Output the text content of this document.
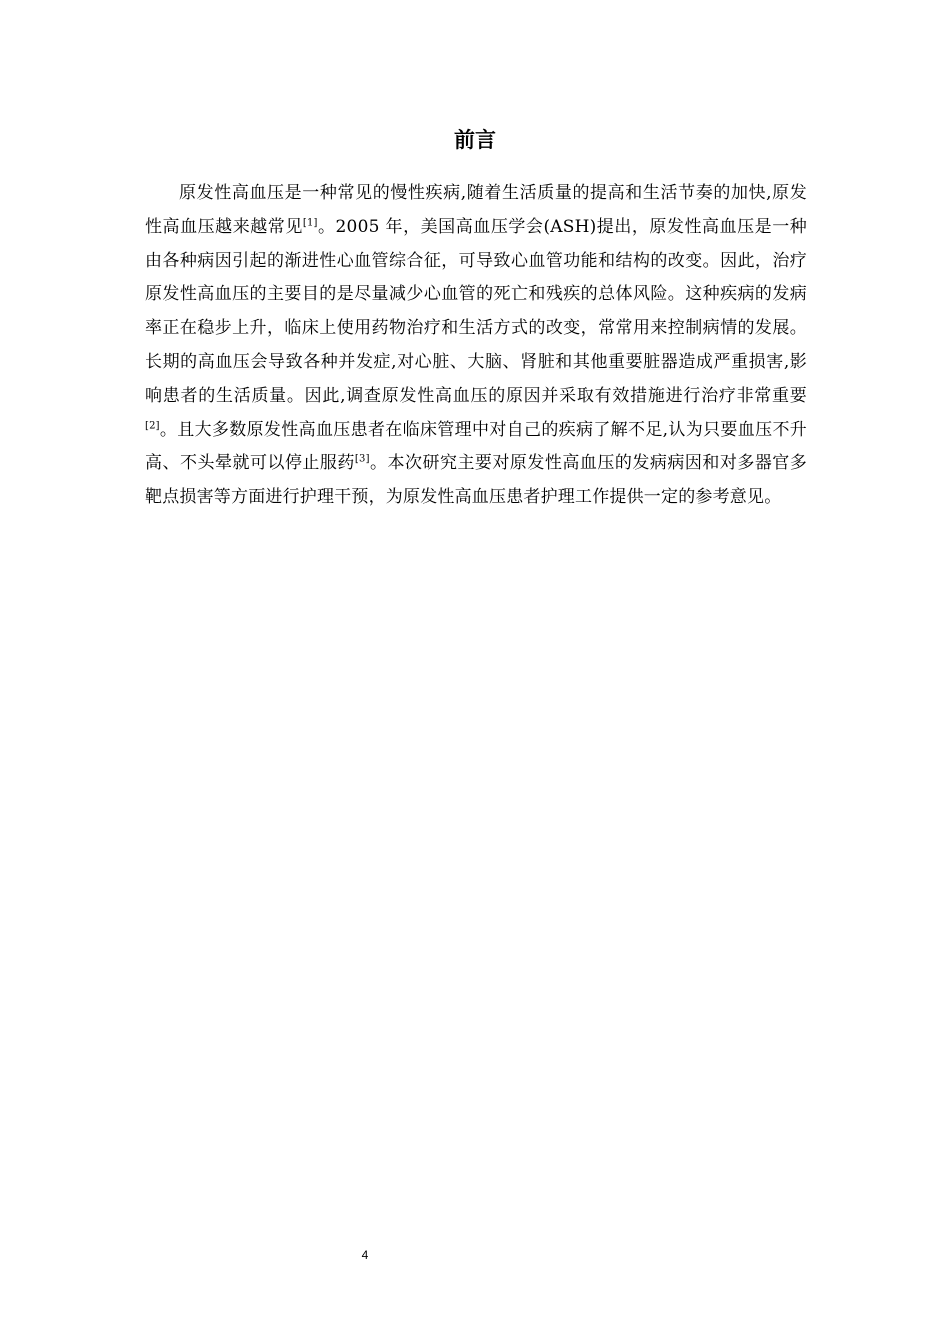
前言

原发性高血压是一种常见的慢性疾病,随着生活质量的提高和生活节奏的加快,原发性高血压越来越常见[1]。2005 年，美国高血压学会(ASH)提出，原发性高血压是一种由各种病因引起的渐进性心血管综合征，可导致心血管功能和结构的改变。因此，治疗原发性高血压的主要目的是尽量减少心血管的死亡和残疾的总体风险。这种疾病的发病率正在稳步上升，临床上使用药物治疗和生活方式的改变，常常用来控制病情的发展。长期的高血压会导致各种并发症,对心脏、大脑、肾脏和其他重要脏器造成严重损害,影响患者的生活质量。因此,调查原发性高血压的原因并采取有效措施进行治疗非常重要[2]。且大多数原发性高血压患者在临床管理中对自己的疾病了解不足,认为只要血压不升高、不头晕就可以停止服药[3]。本次研究主要对原发性高血压的发病病因和对多器官多靶点损害等方面进行护理干预，为原发性高血压患者护理工作提供一定的参考意见。

4
